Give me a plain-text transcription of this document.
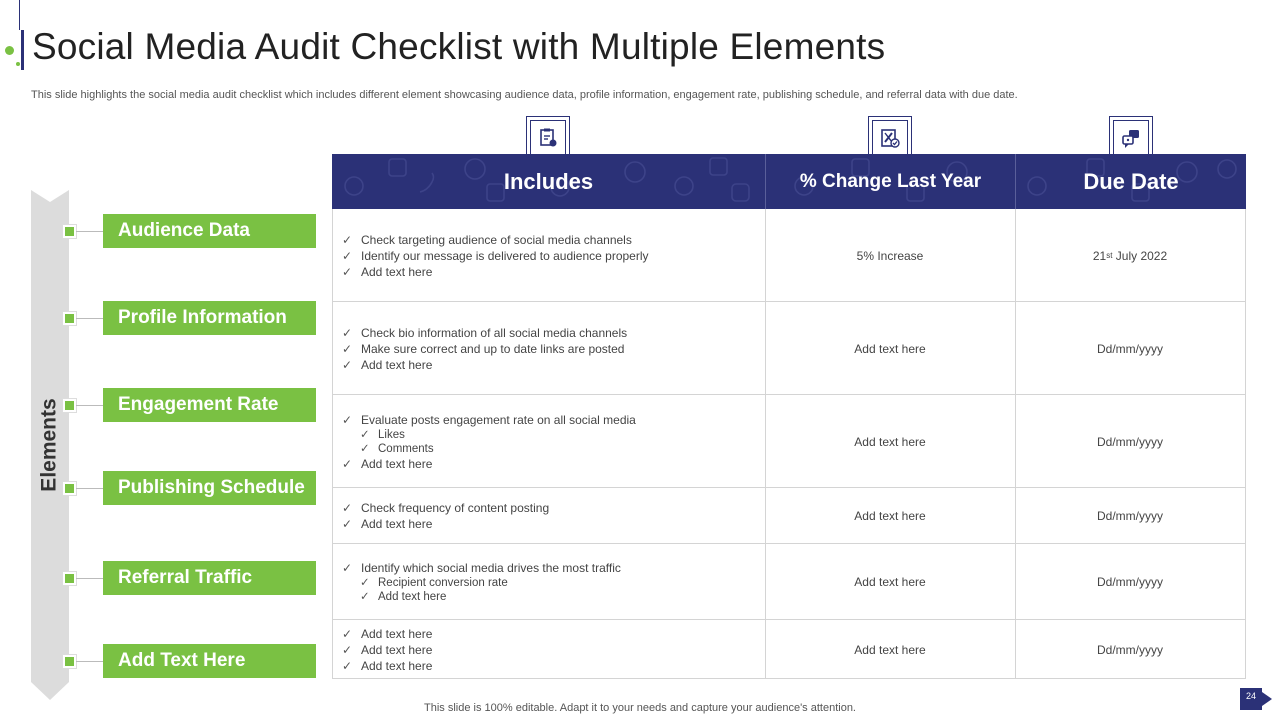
Social Media Audit Checklist with Multiple Elements
This slide highlights the social media audit checklist which includes different element showcasing audience data, profile information, engagement rate, publishing schedule, and referral data with due date.
Elements
Audience Data
Profile Information
Engagement Rate
Publishing Schedule
Referral Traffic
Add Text Here
Includes	% Change Last Year	Due Date
✓ Check targeting audience of social media channels
✓ Identify our message is delivered to audience properly
✓ Add text here
5% Increase	21 st July 2022
✓ Check bio information of all social media channels
✓ Make sure correct and up to date links are posted
✓ Add text here
Add text here	Dd/mm/yyyy
✓ Evaluate posts engagement rate on all social media
✓ Likes
✓ Comments
✓ Add text here
Add text here	Dd/mm/yyyy
✓ Check frequency of content posting
✓ Add text here
Add text here	Dd/mm/yyyy
✓ Identify which social media drives the most traffic
✓ Recipient conversion rate
✓ Add text here
Add text here	Dd/mm/yyyy
✓ Add text here
✓ Add text here
✓ Add text here
Add text here	Dd/mm/yyyy
This slide is 100% editable. Adapt it to your needs and capture your audience's attention.
24
